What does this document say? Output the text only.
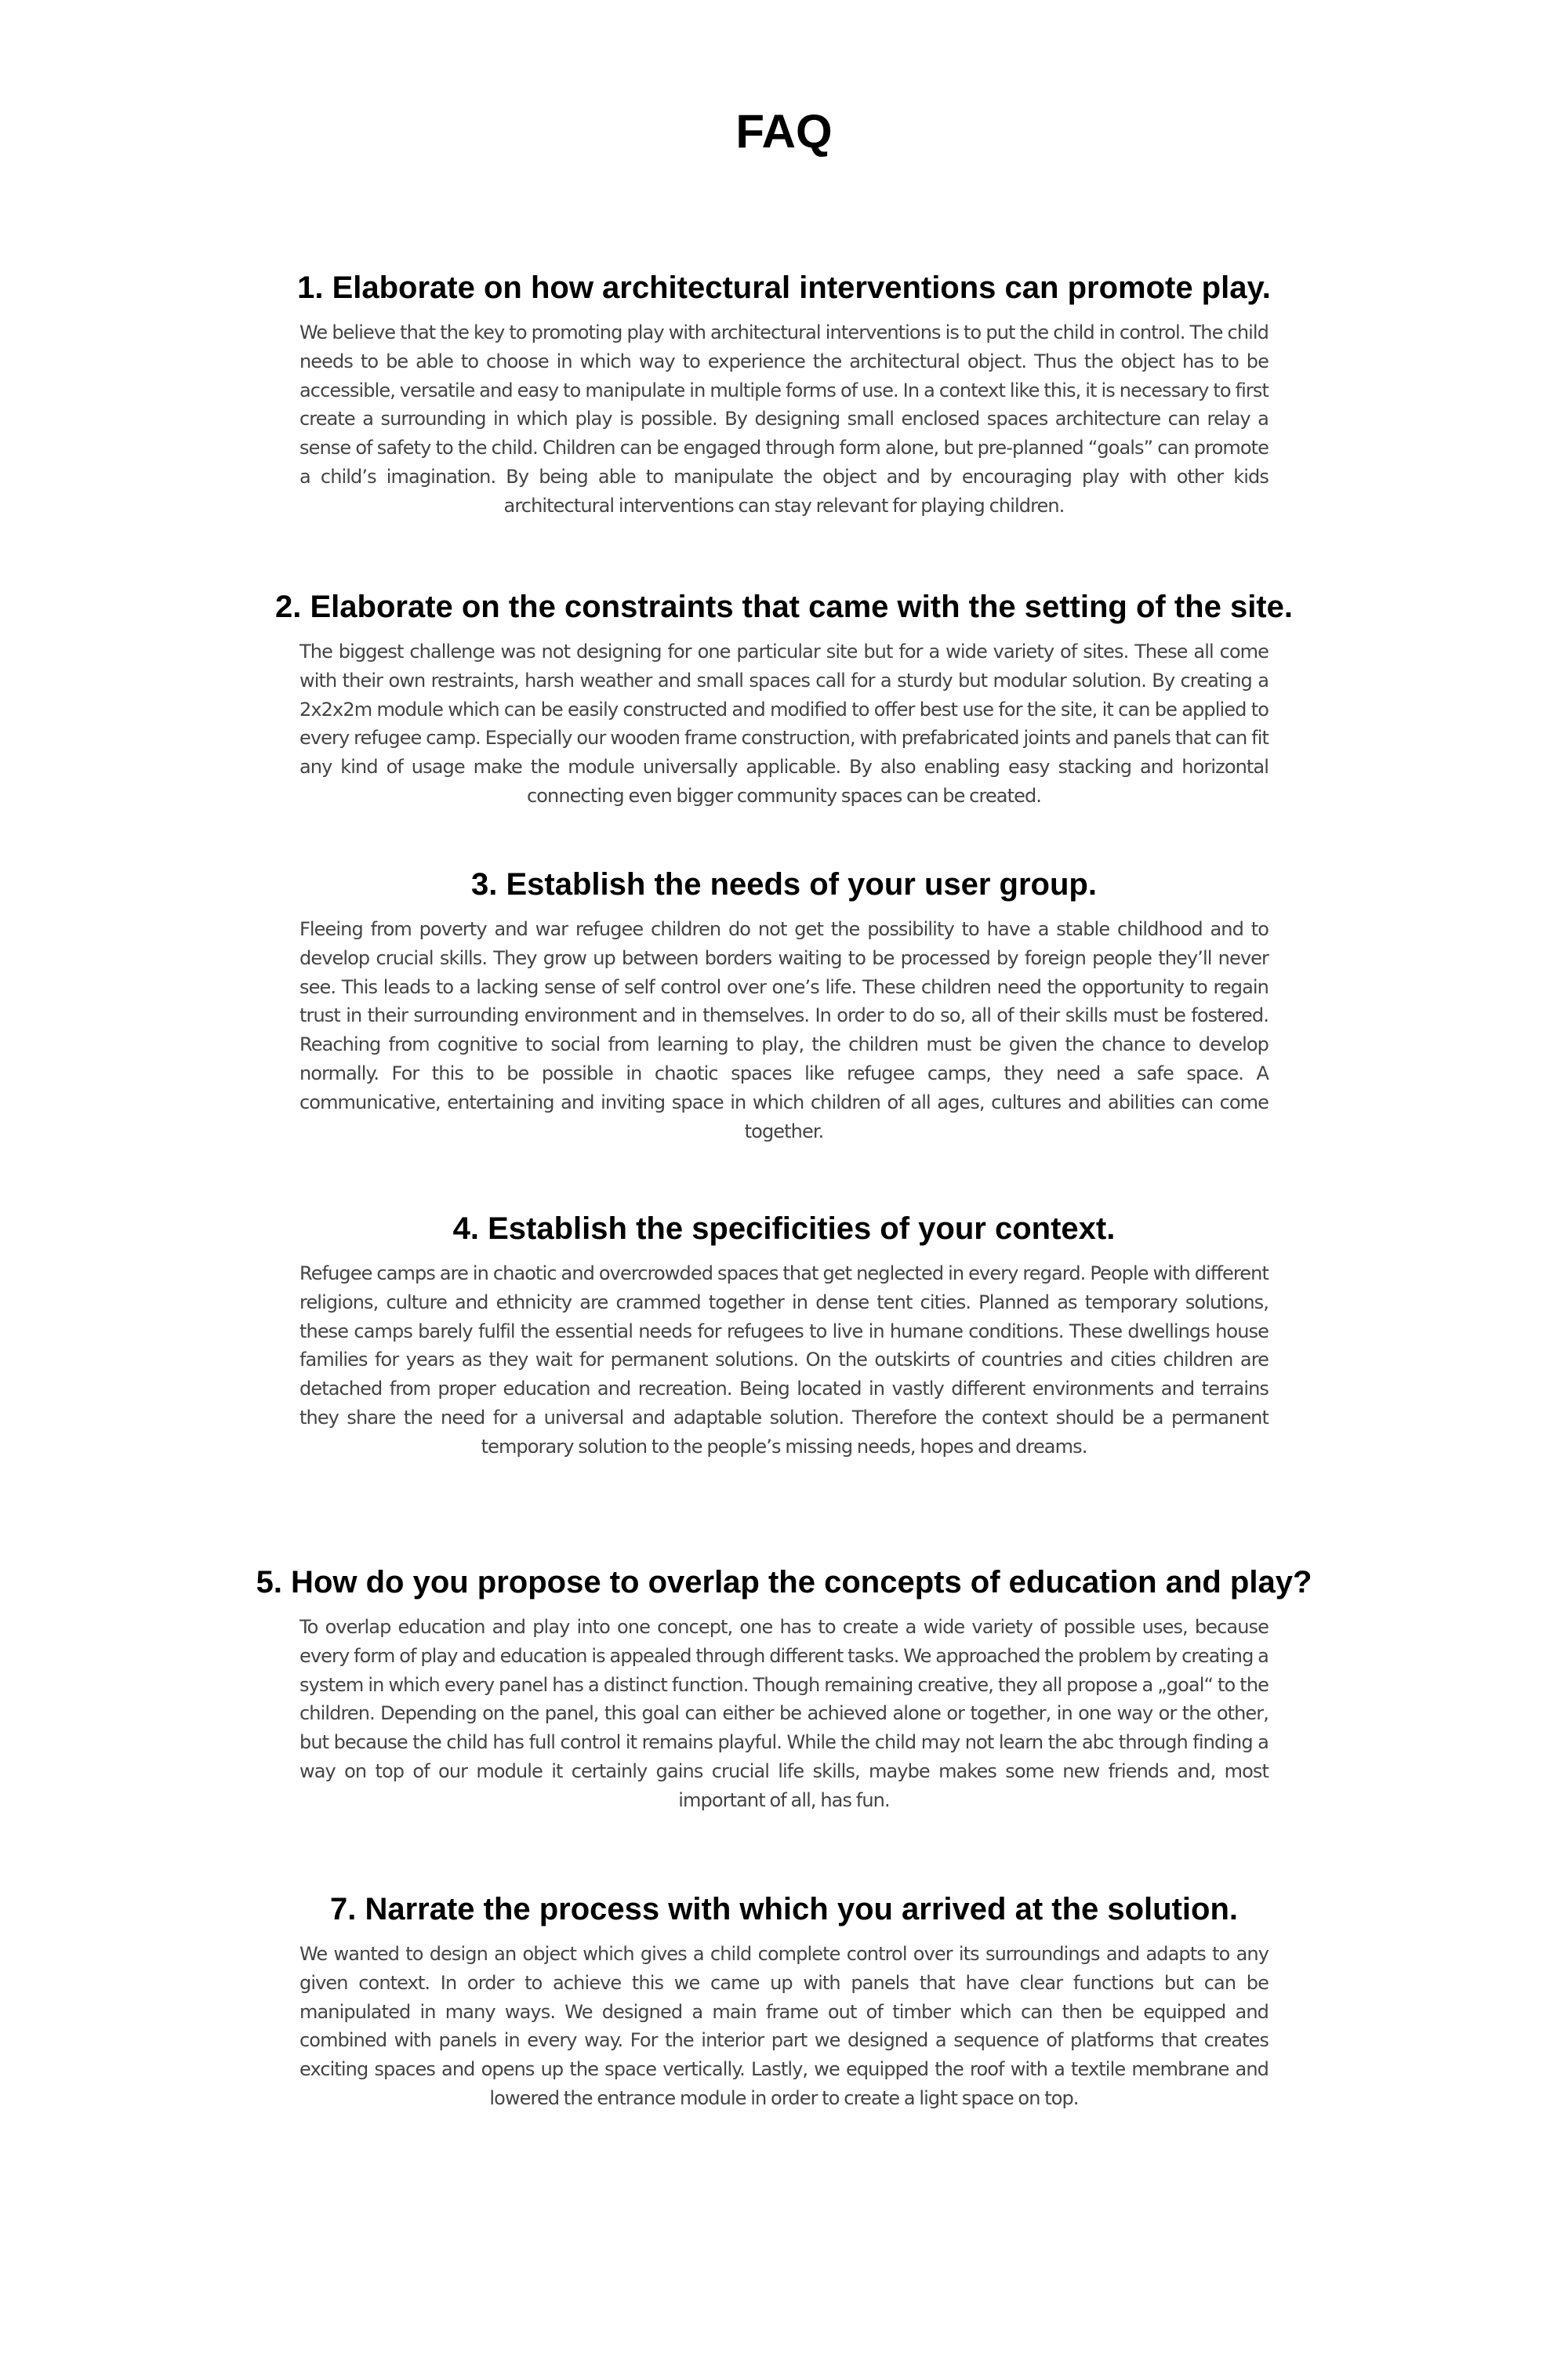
FAQ
1. Elaborate on how architectural interventions can promote play.

We believe that the key to promoting play with architectural interventions is to put the child in control. The child needs to be able to choose in which way to experience the architectural object. Thus the object has to be accessible, versatile and easy to manipulate in multiple forms of use. In a context like this, it is necessary to first create a surrounding in which play is possible. By designing small enclosed spaces architecture can relay a sense of safety to the child. Children can be engaged through form alone, but pre-planned “goals” can promote a child’s imagination. By being able to manipulate the object and by encouraging play with other kids architectural interventions can stay relevant for playing children.

2. Elaborate on the constraints that came with the setting of the site.

The biggest challenge was not designing for one particular site but for a wide variety of sites. These all come with their own restraints, harsh weather and small spaces call for a sturdy but modular solution. By creating a 2x2x2m module which can be easily constructed and modified to offer best use for the site, it can be applied to every refugee camp. Especially our wooden frame construction, with prefabricated joints and panels that can fit any kind of usage make the module universally applicable. By also enabling easy stacking and horizontal connecting even bigger community spaces can be created.

3. Establish the needs of your user group.

Fleeing from poverty and war refugee children do not get the possibility to have a stable childhood and to develop crucial skills. They grow up between borders waiting to be processed by foreign people they’ll never see. This leads to a lacking sense of self control over one’s life. These children need the opportunity to regain trust in their surrounding environment and in themselves. In order to do so, all of their skills must be fostered. Reaching from cognitive to social from learning to play, the children must be given the chance to develop normally. For this to be possible in chaotic spaces like refugee camps, they need a safe space. A communicative, entertaining and inviting space in which children of all ages, cultures and abilities can come together.

4. Establish the specificities of your context.

Refugee camps are in chaotic and overcrowded spaces that get neglected in every regard. People with different religions, culture and ethnicity are crammed together in dense tent cities. Planned as temporary solutions, these camps barely fulfil the essential needs for refugees to live in humane conditions. These dwellings house families for years as they wait for permanent solutions. On the outskirts of countries and cities children are detached from proper education and recreation. Being located in vastly different environments and terrains they share the need for a universal and adaptable solution. Therefore the context should be a permanent temporary solution to the people’s missing needs, hopes and dreams.

5. How do you propose to overlap the concepts of education and play?

To overlap education and play into one concept, one has to create a wide variety of possible uses, because every form of play and education is appealed through different tasks. We approached the problem by creating a system in which every panel has a distinct function. Though remaining creative, they all propose a „goal“ to the children. Depending on the panel, this goal can either be achieved alone or together, in one way or the other, but because the child has full control it remains playful. While the child may not learn the abc through finding a way on top of our module it certainly gains crucial life skills, maybe makes some new friends and, most important of all, has fun.

7. Narrate the process with which you arrived at the solution.

We wanted to design an object which gives a child complete control over its surroundings and adapts to any given context. In order to achieve this we came up with panels that have clear functions but can be manipulated in many ways. We designed a main frame out of timber which can then be equipped and combined with panels in every way. For the interior part we designed a sequence of platforms that creates exciting spaces and opens up the space vertically. Lastly, we equipped the roof with a textile membrane and lowered the entrance module in order to create a light space on top.
